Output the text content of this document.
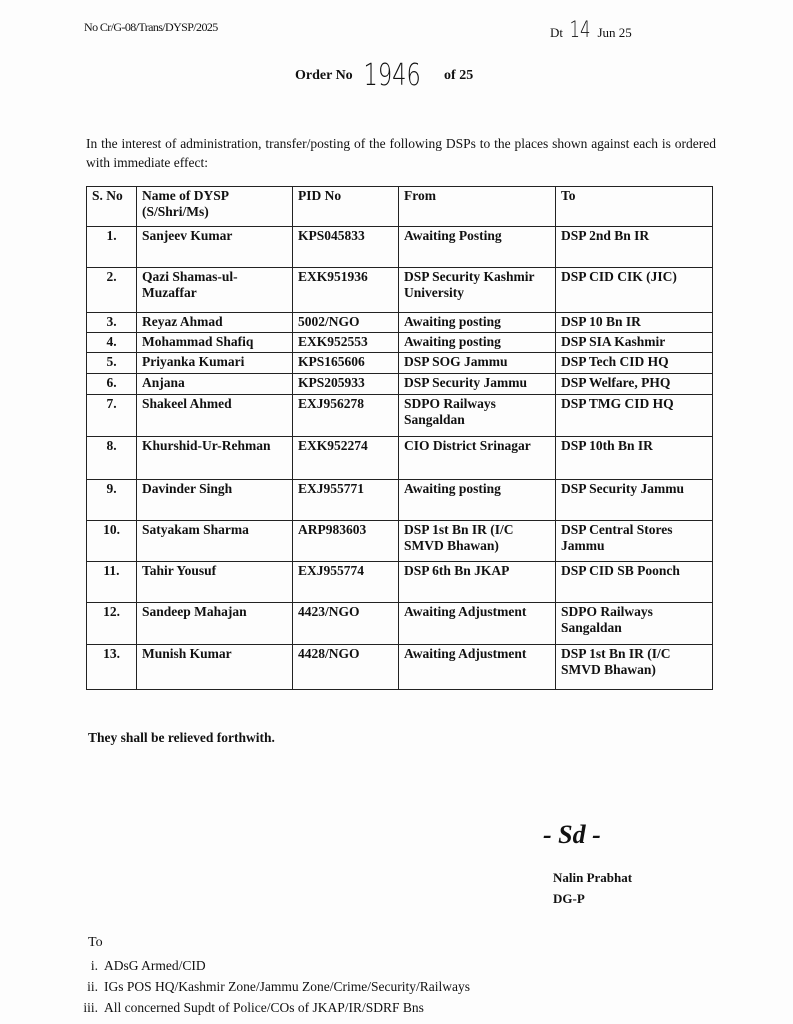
No Cr/G-08/Trans/DYSP/2025	Dt 14 Jun 25
Order No 1946 of 25
In the interest of administration, transfer/posting of the following DSPs to the places shown against each is ordered with immediate effect:
S. No	Name of DYSP (S/Shri/Ms)	PID No	From	To
1.	Sanjeev Kumar	KPS045833	Awaiting Posting	DSP 2nd Bn IR
2.	Qazi Shamas-ul-Muzaffar	EXK951936	DSP Security Kashmir University	DSP CID CIK (JIC)
3.	Reyaz Ahmad	5002/NGO	Awaiting posting	DSP 10 Bn IR
4.	Mohammad Shafiq	EXK952553	Awaiting posting	DSP SIA Kashmir
5.	Priyanka Kumari	KPS165606	DSP SOG Jammu	DSP Tech CID HQ
6.	Anjana	KPS205933	DSP Security Jammu	DSP Welfare, PHQ
7.	Shakeel Ahmed	EXJ956278	SDPO Railways Sangaldan	DSP TMG CID HQ
8.	Khurshid-Ur-Rehman	EXK952274	CIO District Srinagar	DSP 10th Bn IR
9.	Davinder Singh	EXJ955771	Awaiting posting	DSP Security Jammu
10.	Satyakam Sharma	ARP983603	DSP 1st Bn IR (I/C SMVD Bhawan)	DSP Central Stores Jammu
11.	Tahir Yousuf	EXJ955774	DSP 6th Bn JKAP	DSP CID SB Poonch
12.	Sandeep Mahajan	4423/NGO	Awaiting Adjustment	SDPO Railways Sangaldan
13.	Munish Kumar	4428/NGO	Awaiting Adjustment	DSP 1st Bn IR (I/C SMVD Bhawan)
They shall be relieved forthwith.
- Sd -
Nalin Prabhat
DG-P
To
i. ADsG Armed/CID
ii. IGs POS HQ/Kashmir Zone/Jammu Zone/Crime/Security/Railways
iii. All concerned Supdt of Police/COs of JKAP/IR/SDRF Bns
